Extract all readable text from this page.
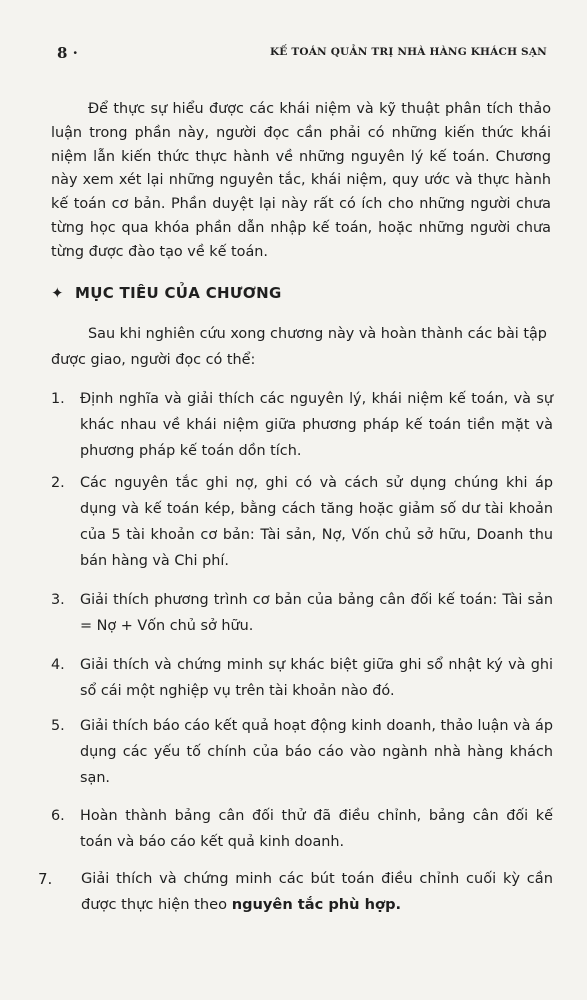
8 ·	KẾ TOÁN QUẢN TRỊ NHÀ HÀNG KHÁCH SẠN

Để thực sự hiểu được các khái niệm và kỹ thuật phân tích thảo luận trong phần này, người đọc cần phải có những kiến thức khái niệm lẫn kiến thức thực hành về những nguyên lý kế toán. Chương này xem xét lại những nguyên tắc, khái niệm, quy ước và thực hành kế toán cơ bản. Phần duyệt lại này rất có ích cho những người chưa từng học qua khóa phần dẫn nhập kế toán, hoặc những người chưa từng được đào tạo về kế toán.

✦ MỤC TIÊU CỦA CHƯƠNG

Sau khi nghiên cứu xong chương này và hoàn thành các bài tập được giao, người đọc có thể:

1. Định nghĩa và giải thích các nguyên lý, khái niệm kế toán, và sự khác nhau về khái niệm giữa phương pháp kế toán tiền mặt và phương pháp kế toán dồn tích.
2. Các nguyên tắc ghi nợ, ghi có và cách sử dụng chúng khi áp dụng và kế toán kép, bằng cách tăng hoặc giảm số dư tài khoản của 5 tài khoản cơ bản: Tài sản, Nợ, Vốn chủ sở hữu, Doanh thu bán hàng và Chi phí.
3. Giải thích phương trình cơ bản của bảng cân đối kế toán: Tài sản = Nợ + Vốn chủ sở hữu.
4. Giải thích và chứng minh sự khác biệt giữa ghi sổ nhật ký và ghi sổ cái một nghiệp vụ trên tài khoản nào đó.
5. Giải thích báo cáo kết quả hoạt động kinh doanh, thảo luận và áp dụng các yếu tố chính của báo cáo vào ngành nhà hàng khách sạn.
6. Hoàn thành bảng cân đối thử đã điều chỉnh, bảng cân đối kế toán và báo cáo kết quả kinh doanh.
7. Giải thích và chứng minh các bút toán điều chỉnh cuối kỳ cần được thực hiện theo nguyên tắc phù hợp.
